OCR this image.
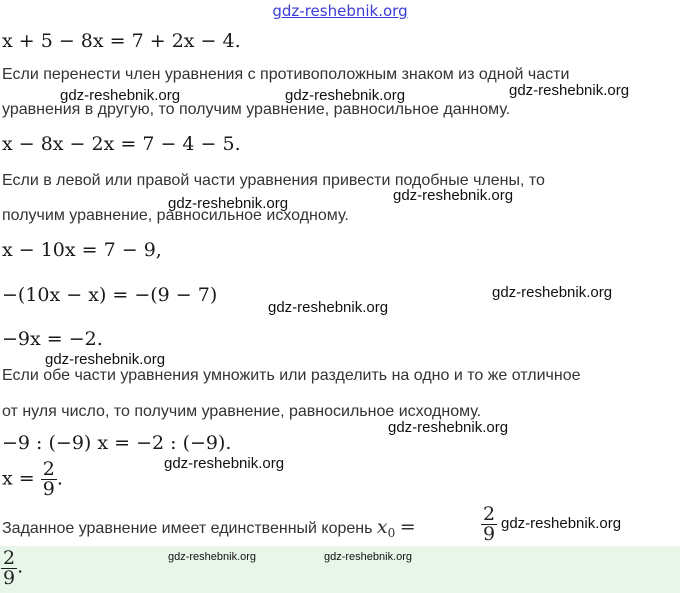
gdz-reshebnik.org
x + 5 − 8x = 7 + 2x − 4.
Если перенести член уравнения с противоположным знаком из одной части
уравнения в другую, то получим уравнение, равносильное данному.
x − 8x − 2x = 7 − 4 − 5.
Если в левой или правой части уравнения привести подобные члены, то
получим уравнение, равносильное исходному.
x − 10x = 7 − 9,
−(10x − x) = −(9 − 7)
−9x = −2.
Если обе части уравнения умножить или разделить на одно и то же отличное
от нуля число, то получим уравнение, равносильное исходному.
−9 : (−9) x = −2 : (−9).
$x = \frac{2}{9}$ .
Заданное уравнение имеет единственный корень $x_0$ =	$\frac{2}{9}$
$\frac{2}{9}$ .
gdz-reshebnik.org	gdz-reshebnik.org	gdz-reshebnik.org
gdz-reshebnik.org	gdz-reshebnik.org
gdz-reshebnik.org
gdz-reshebnik.org
gdz-reshebnik.org
gdz-reshebnik.org
gdz-reshebnik.org
gdz-reshebnik.org
gdz-reshebnik.org	gdz-reshebnik.org
